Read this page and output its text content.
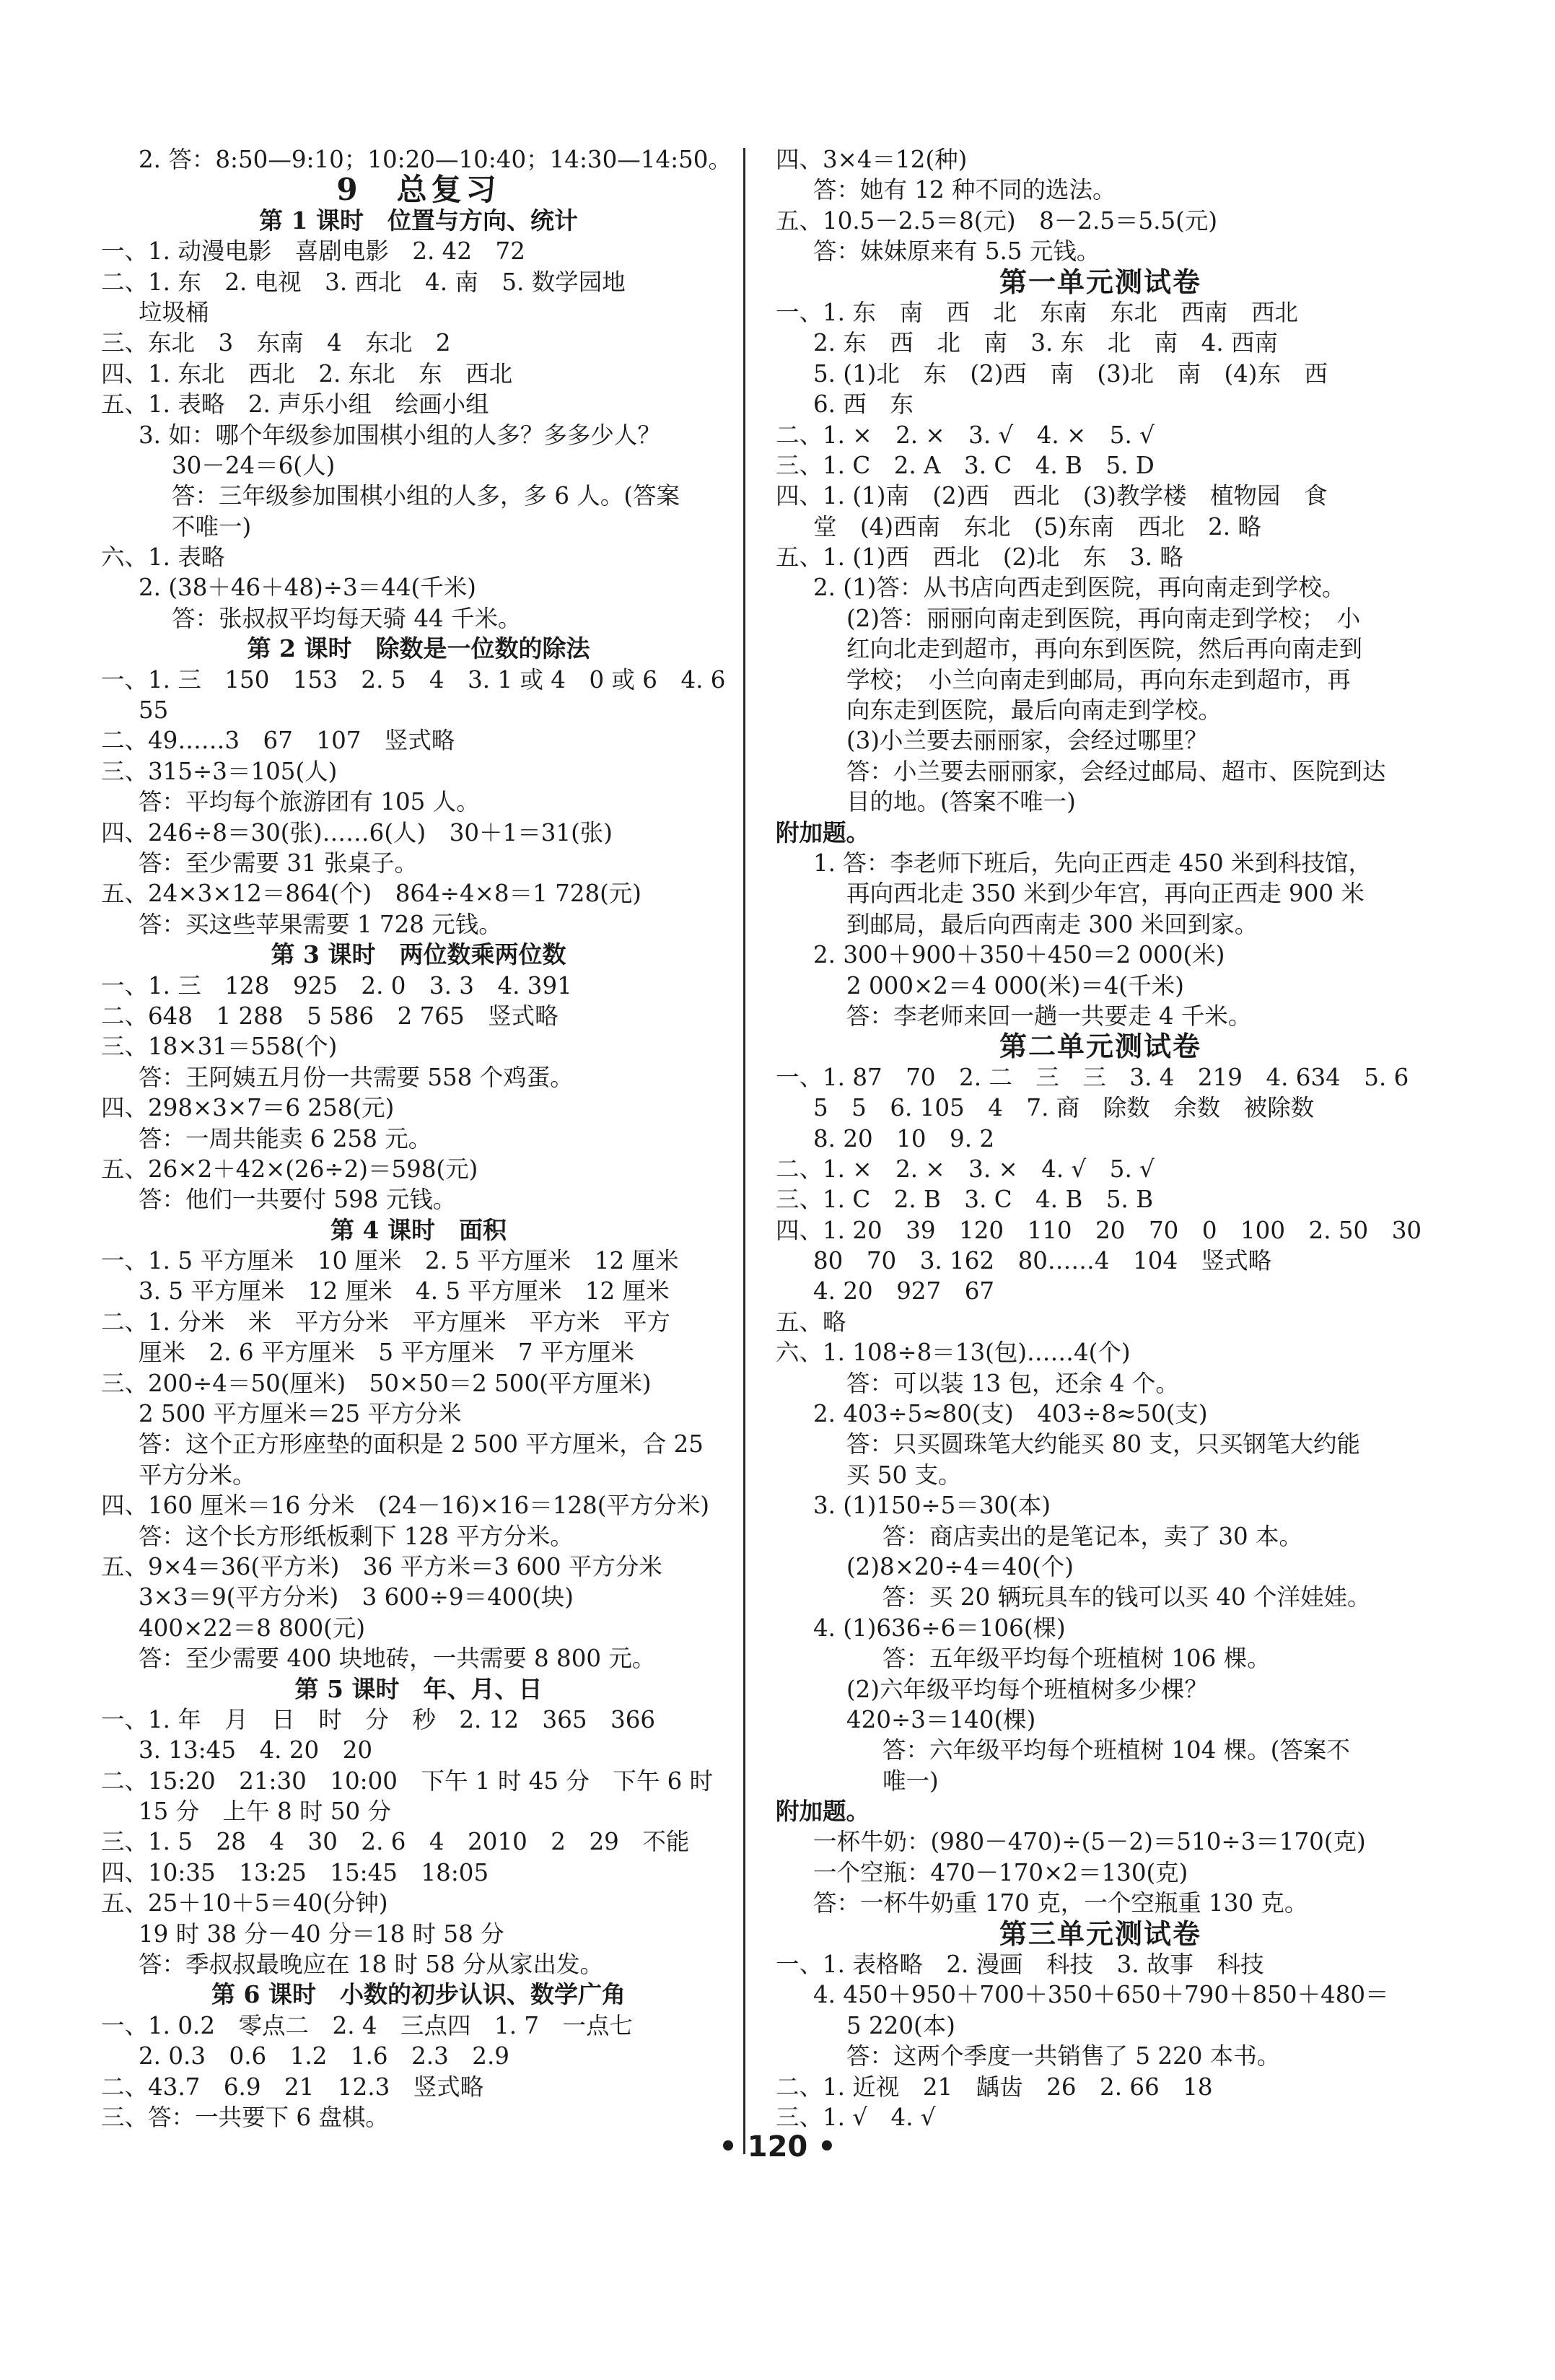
2. 答：8:50—9:10；10:20—10:40；14:30—14:50。
9　总复习
第 1 课时　位置与方向、统计
一、1. 动漫电影　喜剧电影　2. 42　72
二、1. 东　2. 电视　3. 西北　4. 南　5. 数学园地
垃圾桶
三、东北　3　东南　4　东北　2
四、1. 东北　西北　2. 东北　东　西北
五、1. 表略　2. 声乐小组　绘画小组
3. 如：哪个年级参加围棋小组的人多？多多少人？
30－24＝6(人)
答：三年级参加围棋小组的人多，多 6 人。(答案
不唯一)
六、1. 表略
2. (38＋46＋48)÷3＝44(千米)
答：张叔叔平均每天骑 44 千米。
第 2 课时　除数是一位数的除法
一、1. 三　150　153　2. 5　4　3. 1 或 4　0 或 6　4. 6
55
二、49……3　67　107　竖式略
三、315÷3＝105(人)
答：平均每个旅游团有 105 人。
四、246÷8＝30(张)……6(人)　30＋1＝31(张)
答：至少需要 31 张桌子。
五、24×3×12＝864(个)　864÷4×8＝1 728(元)
答：买这些苹果需要 1 728 元钱。
第 3 课时　两位数乘两位数
一、1. 三　128　925　2. 0　3. 3　4. 391
二、648　1 288　5 586　2 765　竖式略
三、18×31＝558(个)
答：王阿姨五月份一共需要 558 个鸡蛋。
四、298×3×7＝6 258(元)
答：一周共能卖 6 258 元。
五、26×2＋42×(26÷2)＝598(元)
答：他们一共要付 598 元钱。
第 4 课时　面积
一、1. 5 平方厘米　10 厘米　2. 5 平方厘米　12 厘米
3. 5 平方厘米　12 厘米　4. 5 平方厘米　12 厘米
二、1. 分米　米　平方分米　平方厘米　平方米　平方
厘米　2. 6 平方厘米　5 平方厘米　7 平方厘米
三、200÷4＝50(厘米)　50×50＝2 500(平方厘米)
2 500 平方厘米＝25 平方分米
答：这个正方形座垫的面积是 2 500 平方厘米，合 25
平方分米。
四、160 厘米＝16 分米　(24－16)×16＝128(平方分米)
答：这个长方形纸板剩下 128 平方分米。
五、9×4＝36(平方米)　36 平方米＝3 600 平方分米
3×3＝9(平方分米)　3 600÷9＝400(块)
400×22＝8 800(元)
答：至少需要 400 块地砖，一共需要 8 800 元。
第 5 课时　年、月、日
一、1. 年　月　日　时　分　秒　2. 12　365　366
3. 13:45　4. 20　20
二、15:20　21:30　10:00　下午 1 时 45 分　下午 6 时
15 分　上午 8 时 50 分
三、1. 5　28　4　30　2. 6　4　2010　2　29　不能
四、10:35　13:25　15:45　18:05
五、25＋10＋5＝40(分钟)
19 时 38 分－40 分＝18 时 58 分
答：季叔叔最晚应在 18 时 58 分从家出发。
第 6 课时　小数的初步认识、数学广角
一、1. 0.2　零点二　2. 4　三点四　1. 7　一点七
2. 0.3　0.6　1.2　1.6　2.3　2.9
二、43.7　6.9　21　12.3　竖式略
三、答：一共要下 6 盘棋。
四、3×4＝12(种)
答：她有 12 种不同的选法。
五、10.5－2.5＝8(元)　8－2.5＝5.5(元)
答：妹妹原来有 5.5 元钱。
第一单元测试卷
一、1. 东　南　西　北　东南　东北　西南　西北
2. 东　西　北　南　3. 东　北　南　4. 西南
5. (1)北　东　(2)西　南　(3)北　南　(4)东　西
6. 西　东
二、1. ×　2. ×　3. √　4. ×　5. √
三、1. C　2. A　3. C　4. B　5. D
四、1. (1)南　(2)西　西北　(3)教学楼　植物园　食
堂　(4)西南　东北　(5)东南　西北　2. 略
五、1. (1)西　西北　(2)北　东　3. 略
2. (1)答：从书店向西走到医院，再向南走到学校。
(2)答：丽丽向南走到医院，再向南走到学校；　小
红向北走到超市，再向东到医院，然后再向南走到
学校；　小兰向南走到邮局，再向东走到超市，再
向东走到医院，最后向南走到学校。
(3)小兰要去丽丽家，会经过哪里？
答：小兰要去丽丽家，会经过邮局、超市、医院到达
目的地。(答案不唯一)
附加题。
1. 答：李老师下班后，先向正西走 450 米到科技馆，
再向西北走 350 米到少年宫，再向正西走 900 米
到邮局，最后向西南走 300 米回到家。
2. 300＋900＋350＋450＝2 000(米)
2 000×2＝4 000(米)＝4(千米)
答：李老师来回一趟一共要走 4 千米。
第二单元测试卷
一、1. 87　70　2. 二　三　三　3. 4　219　4. 634　5. 6
5　5　6. 105　4　7. 商　除数　余数　被除数
8. 20　10　9. 2
二、1. ×　2. ×　3. ×　4. √　5. √
三、1. C　2. B　3. C　4. B　5. B
四、1. 20　39　120　110　20　70　0　100　2. 50　30
80　70　3. 162　80……4　104　竖式略
4. 20　927　67
五、略
六、1. 108÷8＝13(包)……4(个)
答：可以装 13 包，还余 4 个。
2. 403÷5≈80(支)　403÷8≈50(支)
答：只买圆珠笔大约能买 80 支，只买钢笔大约能
买 50 支。
3. (1)150÷5＝30(本)
答：商店卖出的是笔记本，卖了 30 本。
(2)8×20÷4＝40(个)
答：买 20 辆玩具车的钱可以买 40 个洋娃娃。
4. (1)636÷6＝106(棵)
答：五年级平均每个班植树 106 棵。
(2)六年级平均每个班植树多少棵？
420÷3＝140(棵)
答：六年级平均每个班植树 104 棵。(答案不
唯一)
附加题。
一杯牛奶：(980－470)÷(5－2)＝510÷3＝170(克)
一个空瓶：470－170×2＝130(克)
答：一杯牛奶重 170 克，一个空瓶重 130 克。
第三单元测试卷
一、1. 表格略　2. 漫画　科技　3. 故事　科技
4. 450＋950＋700＋350＋650＋790＋850＋480＝
5 220(本)
答：这两个季度一共销售了 5 220 本书。
二、1. 近视　21　龋齿　26　2. 66　18
三、1. √　4. √
• 120 •
